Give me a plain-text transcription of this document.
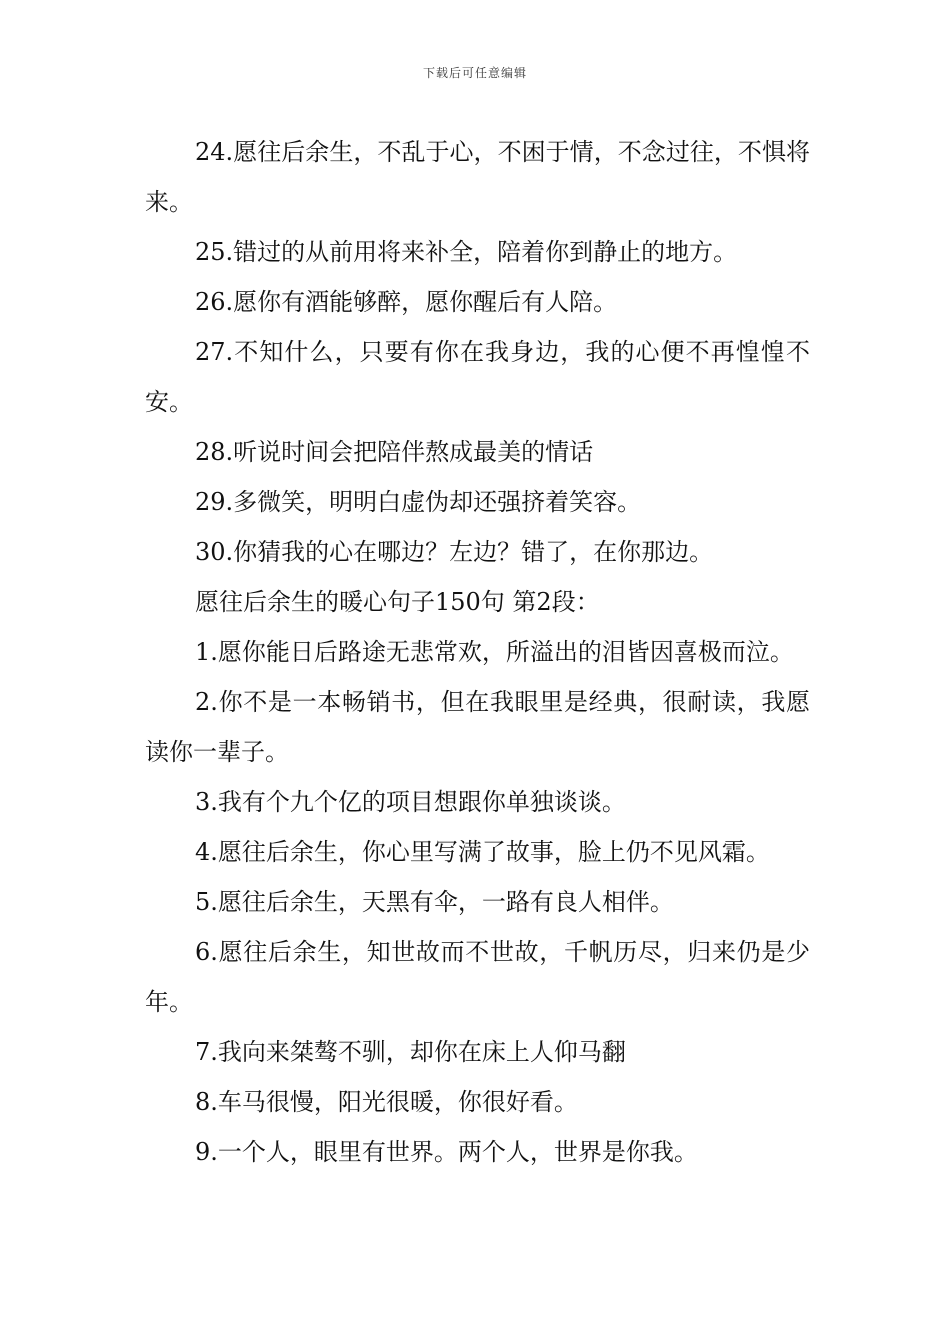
下载后可任意编辑

24.愿往后余生，不乱于心，不困于情，不念过往，不惧将来。

25.错过的从前用将来补全，陪着你到静止的地方。

26.愿你有酒能够醉，愿你醒后有人陪。

27.不知什么，只要有你在我身边，我的心便不再惶惶不安。

28.听说时间会把陪伴熬成最美的情话

29.多微笑，明明白虚伪却还强挤着笑容。

30.你猜我的心在哪边？左边？错了，在你那边。

愿往后余生的暖心句子150句 第2段：

1.愿你能日后路途无悲常欢，所溢出的泪皆因喜极而泣。

2.你不是一本畅销书，但在我眼里是经典，很耐读，我愿读你一辈子。

3.我有个九个亿的项目想跟你单独谈谈。

4.愿往后余生，你心里写满了故事，脸上仍不见风霜。

5.愿往后余生，天黑有伞，一路有良人相伴。

6.愿往后余生，知世故而不世故，千帆历尽，归来仍是少年。

7.我向来桀骜不驯，却你在床上人仰马翻

8.车马很慢，阳光很暖，你很好看。

9.一个人，眼里有世界。两个人，世界是你我。
